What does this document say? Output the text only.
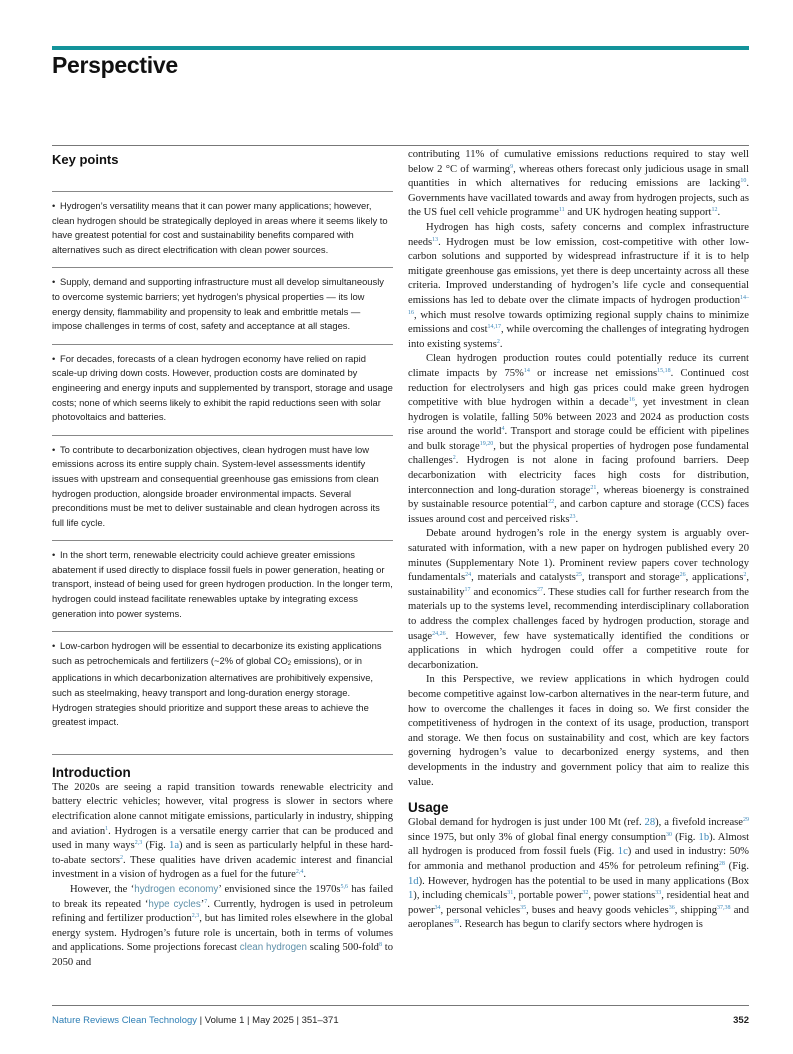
Perspective
Key points
• Hydrogen’s versatility means that it can power many applications; however, clean hydrogen should be strategically deployed in areas where it seems likely to have greatest potential for cost and sustainability benefits compared with alternatives such as direct electrification with clean power sources.
• Supply, demand and supporting infrastructure must all develop simultaneously to overcome systemic barriers; yet hydrogen’s physical properties — its low energy density, flammability and propensity to leak and embrittle metals — impose challenges in terms of cost, safety and acceptance at all stages.
• For decades, forecasts of a clean hydrogen economy have relied on rapid scale-up driving down costs. However, production costs are dominated by engineering and energy inputs and supplemented by transport, storage and usage costs; none of which seems likely to exhibit the rapid reductions seen with solar photovoltaics and batteries.
• To contribute to decarbonization objectives, clean hydrogen must have low emissions across its entire supply chain. System-level assessments identify issues with upstream and consequential greenhouse gas emissions from clean hydrogen production, alongside broader environmental impacts. Several preconditions must be met to deliver sustainable and clean hydrogen across its full life cycle.
• In the short term, renewable electricity could achieve greater emissions abatement if used directly to displace fossil fuels in power generation, heating or transport, instead of being used for green hydrogen production. In the longer term, hydrogen could instead facilitate renewables uptake by integrating excess generation into power systems.
• Low-carbon hydrogen will be essential to decarbonize its existing applications such as petrochemicals and fertilizers (~2% of global $CO_2$ emissions), or in applications in which decarbonization alternatives are prohibitively expensive, such as steelmaking, heavy transport and long-duration energy storage. Hydrogen strategies should prioritize and support these areas to achieve the greatest impact.
Introduction

The 2020s are seeing a rapid transition towards renewable electricity and battery electric vehicles; however, vital progress is slower in sectors where electrification alone cannot mitigate emissions, particularly in industry, shipping and aviation$^1$. Hydrogen is a versatile energy carrier that can be produced and used in many ways$^{2,3}$ (Fig. 1a) and is seen as particularly helpful in these hard-to-abate sectors$^2$. These qualities have driven academic interest and financial investment in a vision of hydrogen as a fuel for the future$^{2,4}$.

However, the ‘hydrogen economy’ envisioned since the $1970s^{5,6}$ has failed to break its repeated ‘hype cycles’$^7$. Currently, hydrogen is used in petroleum refining and fertilizer production$^{2,3}$, but has limited roles elsewhere in the global energy system. Hydrogen’s future role is uncertain, both in terms of volumes and applications. Some projections forecast clean hydrogen scaling 500-fold$^8$ to 2050 and

contributing 11% of cumulative emissions reductions required to stay well below 2 °C of warming$^9$, whereas others forecast only judicious usage in small quantities in which alternatives for reducing emissions are lacking$^{10}$. Governments have vacillated towards and away from hydrogen projects, such as the US fuel cell vehicle programme$^{11}$ and UK hydrogen heating support$^{12}$.

Hydrogen has high costs, safety concerns and complex infrastructure needs$^{13}$. Hydrogen must be low emission, cost-competitive with other low-carbon solutions and supported by widespread infrastructure if it is to help mitigate greenhouse gas emissions, yet there is deep uncertainty across all these criteria. Improved understanding of hydrogen’s life cycle and consequential emissions has led to debate over the climate impacts of hydrogen production$^{14-16}$, which must resolve towards optimizing regional supply chains to minimize emissions and cost$^{14,17}$, while overcoming the challenges of integrating hydrogen into existing systems$^2$.

Clean hydrogen production routes could potentially reduce its current climate impacts by 75%$^{14}$ or increase net emissions$^{15,18}$. Continued cost reduction for electrolysers and high gas prices could make green hydrogen competitive with blue hydrogen within a decade$^{16}$, yet investment in clean hydrogen is volatile, falling 50% between 2023 and 2024 as production costs rise around the world$^4$. Transport and storage could be efficient with pipelines and bulk storage$^{19,20}$, but the physical properties of hydrogen pose fundamental challenges$^2$. Hydrogen is not alone in facing profound barriers. Deep decarbonization with electricity faces high costs for distribution, interconnection and long-duration storage$^{21}$, whereas bioenergy is constrained by sustainable resource potential$^{22}$, and carbon capture and storage (CCS) faces issues around cost and perceived risks$^{23}$.

Debate around hydrogen’s role in the energy system is arguably over-saturated with information, with a new paper on hydrogen published every 20 minutes (Supplementary Note 1). Prominent review papers cover technology fundamentals$^{24}$, materials and catalysts$^{25}$, transport and storage$^{26}$, applications$^2$, sustainability$^{17}$ and economics$^{27}$. These studies call for further research from the materials up to the systems level, recommending interdisciplinary collaboration to address the complex challenges faced by hydrogen production, storage and usage$^{24,26}$. However, few have systematically identified the conditions or applications in which hydrogen could offer a competitive route for decarbonization.

In this Perspective, we review applications in which hydrogen could become competitive against low-carbon alternatives in the near-term future, and how to overcome the challenges it faces in doing so. We first consider the competitiveness of hydrogen in the context of its usage, production, transport and storage. We then focus on sustainability and cost, which are key factors governing hydrogen’s value to decarbonized energy systems, and then developments in the industry and government policy that aim to realize this value.

Usage

Global demand for hydrogen is just under 100 Mt (ref. 28), a fivefold increase$^{29}$ since 1975, but only 3% of global final energy consumption$^{30}$ (Fig. 1b). Almost all hydrogen is produced from fossil fuels (Fig. 1c) and used in industry: 50% for ammonia and methanol production and 45% for petroleum refining$^{28}$ (Fig. 1d). However, hydrogen has the potential to be used in many applications (Box 1), including chemicals$^{31}$, portable power$^{32}$, power stations$^{33}$, residential heat and power$^{34}$, personal vehicles$^{35}$, buses and heavy goods vehicles$^{36}$, shipping$^{37,38}$ and aeroplanes$^{39}$. Research has begun to clarify sectors where hydrogen is

Nature Reviews Clean Technology | Volume 1 | May 2025 | 351–371	352
